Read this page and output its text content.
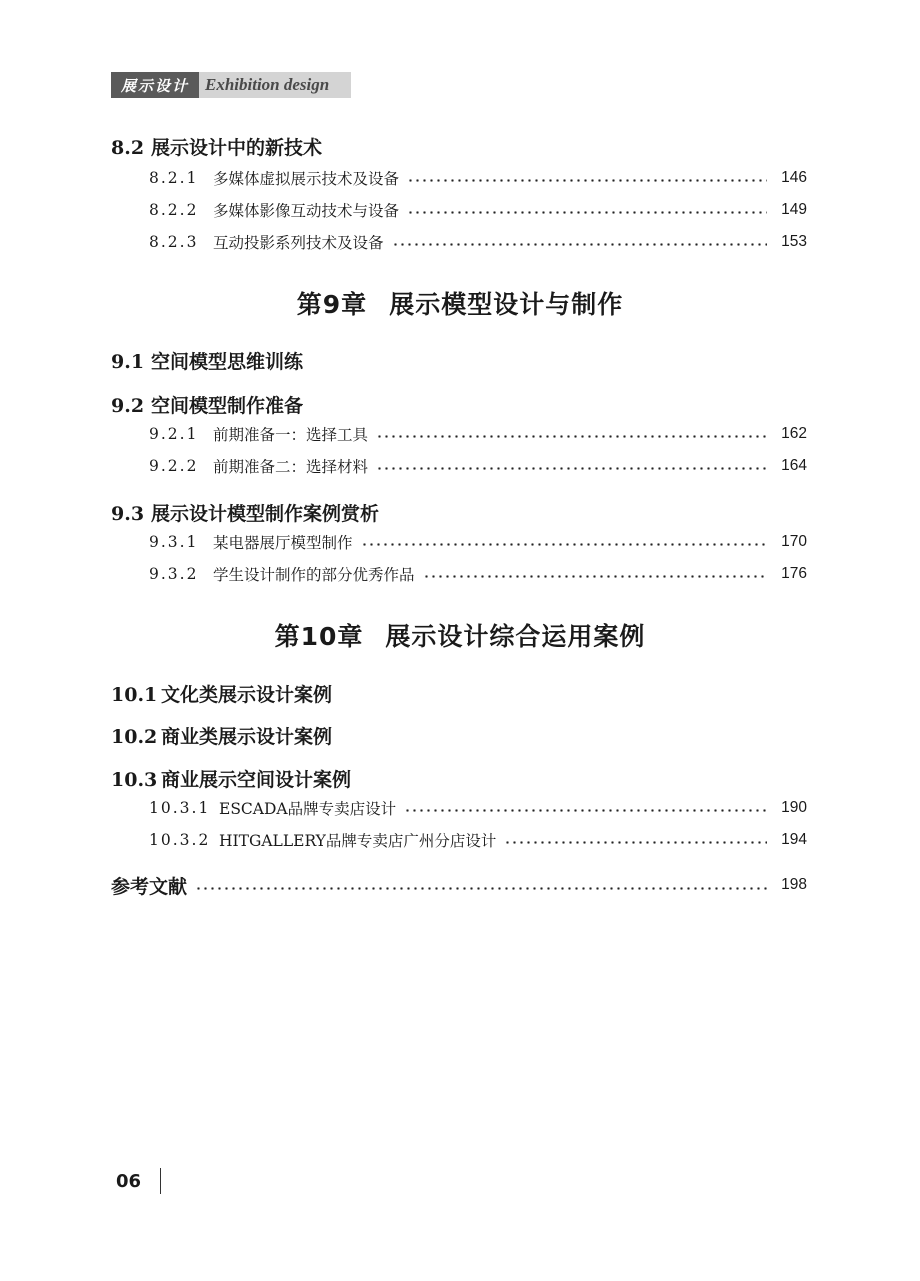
展示设计 Exhibition design
8.2 展示设计中的新技术
8.2.1 多媒体虚拟展示技术及设备	146
8.2.2 多媒体影像互动技术与设备	149
8.2.3 互动投影系列技术及设备	153
第9章 展示模型设计与制作
9.1 空间模型思维训练
9.2 空间模型制作准备
9.2.1 前期准备一：选择工具	162
9.2.2 前期准备二：选择材料	164
9.3 展示设计模型制作案例赏析
9.3.1 某电器展厅模型制作	170
9.3.2 学生设计制作的部分优秀作品	176
第10章 展示设计综合运用案例
10.1 文化类展示设计案例
10.2 商业类展示设计案例
10.3 商业展示空间设计案例
10.3.1 ESCADA品牌专卖店设计	190
10.3.2 HITGALLERY品牌专卖店广州分店设计	194
参考文献	198
06
